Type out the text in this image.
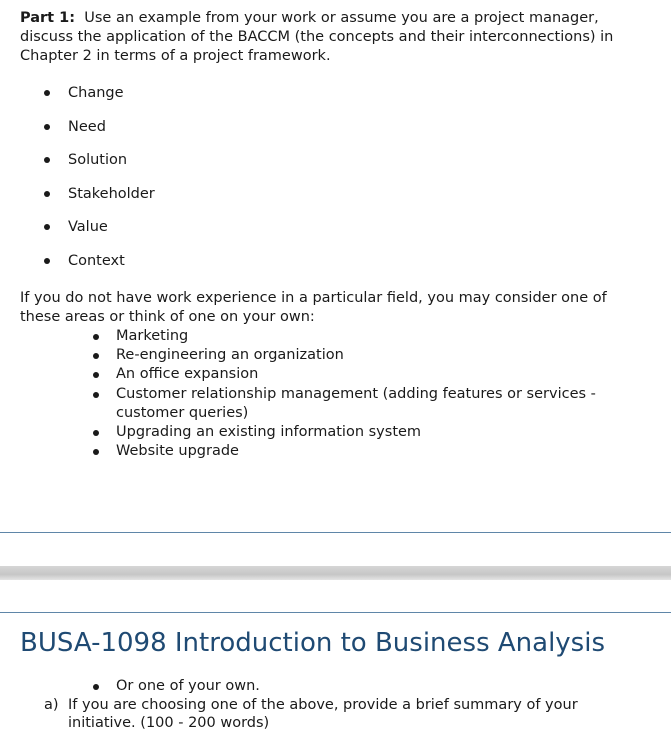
Part 1: Use an example from your work or assume you are a project manager, discuss the application of the BACCM (the concepts and their interconnections) in Chapter 2 in terms of a project framework.

Change
Need
Solution
Stakeholder
Value
Context

If you do not have work experience in a particular field, you may consider one of these areas or think of one on your own:

Marketing
Re-engineering an organization
An office expansion
Customer relationship management (adding features or services - customer queries)
Upgrading an existing information system
Website upgrade
BUSA-1098 Introduction to Business Analysis
Or one of your own.

a) If you are choosing one of the above, provide a brief summary of your initiative. (100 - 200 words)
